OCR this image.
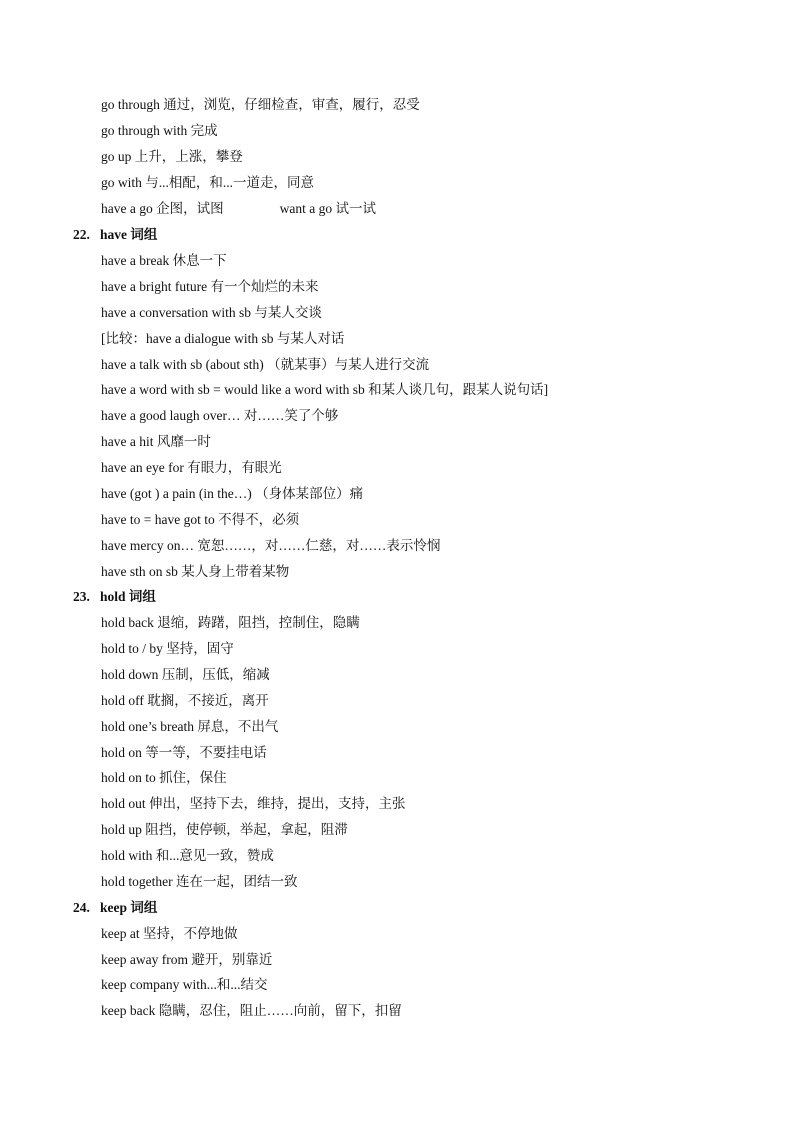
go through 通过，浏览，仔细检查，审查，履行，忍受
go through with 完成
go up 上升，上涨，攀登
go with 与...相配，和...一道走，同意
have a go 企图，试图	want a go 试一试
22. have 词组
have a break 休息一下
have a bright future 有一个灿烂的未来
have a conversation with sb 与某人交谈
[比较：have a dialogue with sb 与某人对话
have a talk with sb (about sth) （就某事）与某人进行交流
have a word with sb = would like a word with sb 和某人谈几句，跟某人说句话]
have a good laugh over… 对……笑了个够
have a hit 风靡一时
have an eye for 有眼力，有眼光
have (got ) a pain (in the…) （身体某部位）痛
have to = have got to 不得不，必须
have mercy on… 宽恕……，对……仁慈，对……表示怜悯
have sth on sb 某人身上带着某物
23. hold 词组
hold back 退缩，踌躇，阻挡，控制住，隐瞒
hold to / by 坚持，固守
hold down 压制，压低，缩减
hold off 耽搁，不接近，离开
hold one’s breath 屏息，不出气
hold on 等一等，不要挂电话
hold on to 抓住，保住
hold out 伸出，坚持下去，维持，提出，支持，主张
hold up 阻挡，使停顿，举起，拿起，阻滞
hold with 和...意见一致，赞成
hold together 连在一起，团结一致
24. keep 词组
keep at 坚持，不停地做
keep away from 避开，别靠近
keep company with...和...结交
keep back 隐瞒，忍住，阻止……向前，留下，扣留
